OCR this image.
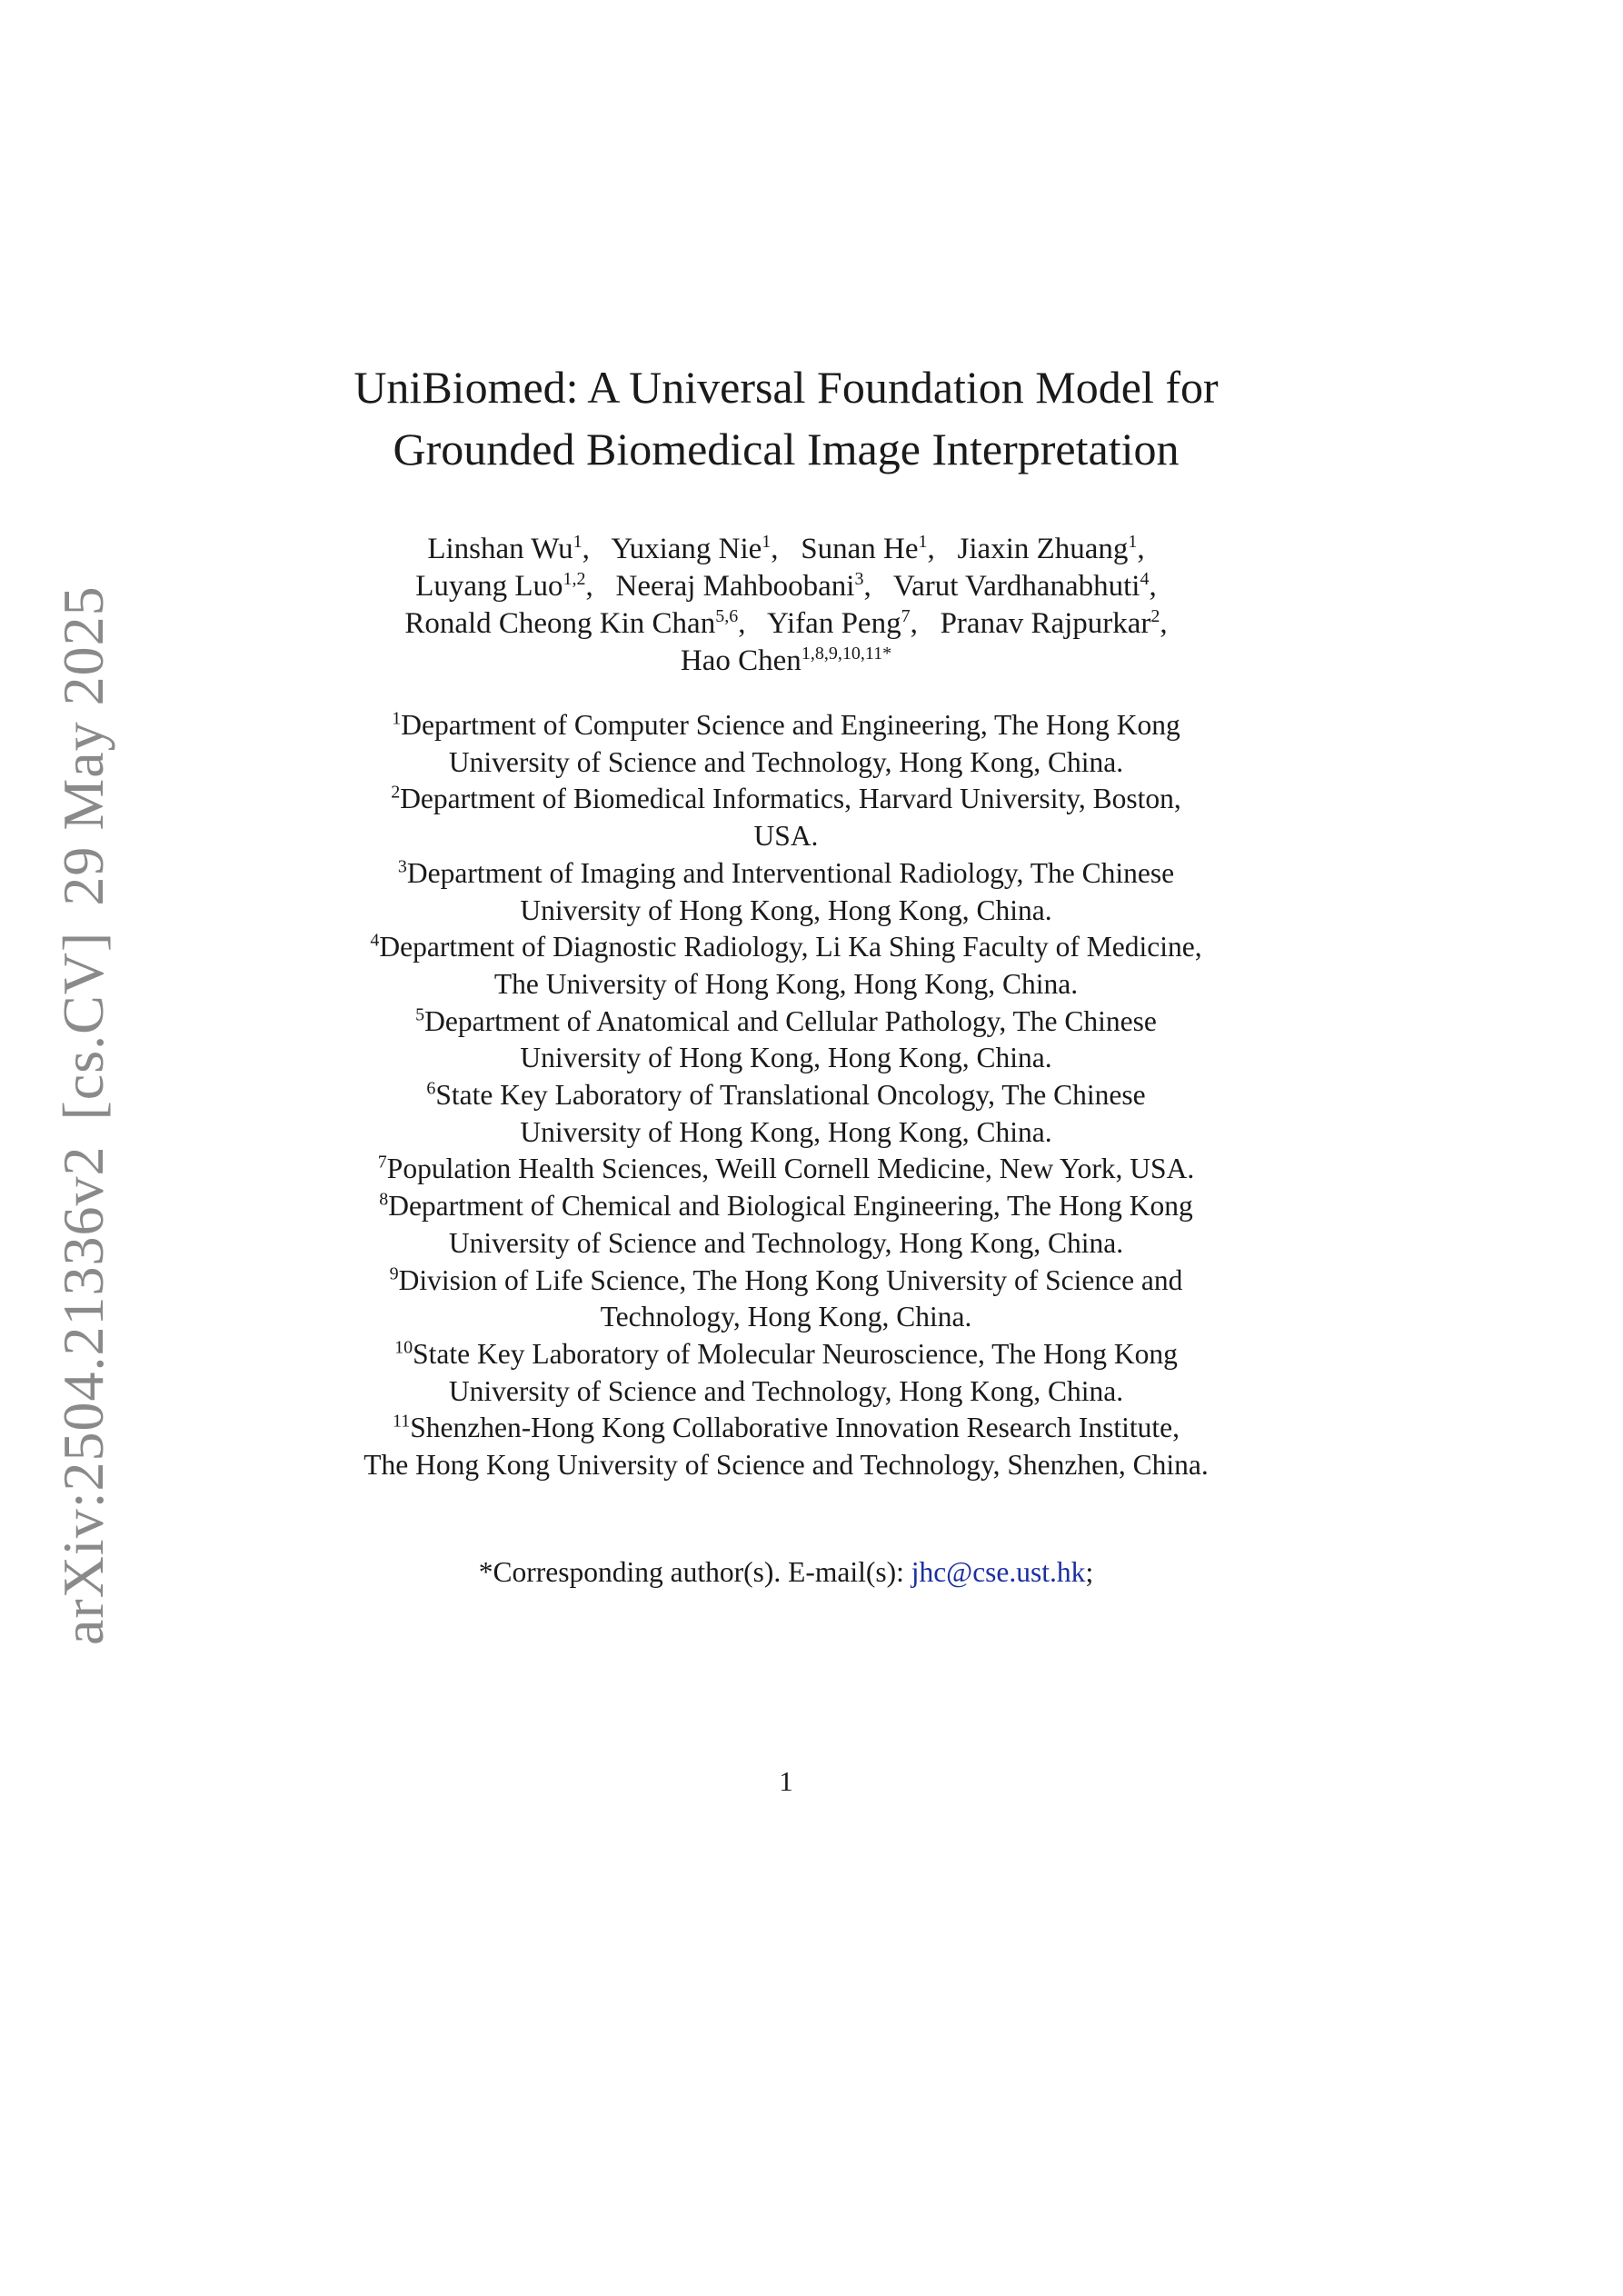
arXiv:2504.21336v2[cs.CV]29 May 2025
UniBiomed: A Universal Foundation Model for
Grounded Biomedical Image Interpretation
Linshan Wu$^1$,   Yuxiang Nie$^1$,   Sunan He$^1$,   Jiaxin Zhuang$^1$,
Luyang Luo$^{1,2}$,   Neeraj Mahboobani$^3$,   Varut Vardhanabhuti$^4$,
Ronald Cheong Kin Chan$^{5,6}$,   Yifan Peng$^7$,   Pranav Rajpurkar$^2$,
Hao Chen$^{1,8,9,10,11*}$
$^1$Department of Computer Science and Engineering, The Hong Kong
University of Science and Technology, Hong Kong, China.
$^2$Department of Biomedical Informatics, Harvard University, Boston,
USA.
$^3$Department of Imaging and Interventional Radiology, The Chinese
University of Hong Kong, Hong Kong, China.
$^4$Department of Diagnostic Radiology, Li Ka Shing Faculty of Medicine,
The University of Hong Kong, Hong Kong, China.
$^5$Department of Anatomical and Cellular Pathology, The Chinese
University of Hong Kong, Hong Kong, China.
$^6$State Key Laboratory of Translational Oncology, The Chinese
University of Hong Kong, Hong Kong, China.
$^7$Population Health Sciences, Weill Cornell Medicine, New York, USA.
$^8$Department of Chemical and Biological Engineering, The Hong Kong
University of Science and Technology, Hong Kong, China.
$^9$Division of Life Science, The Hong Kong University of Science and
Technology, Hong Kong, China.
$^{10}$State Key Laboratory of Molecular Neuroscience, The Hong Kong
University of Science and Technology, Hong Kong, China.
$^{11}$Shenzhen-Hong Kong Collaborative Innovation Research Institute,
The Hong Kong University of Science and Technology, Shenzhen, China.
*Corresponding author(s). E-mail(s): jhc@cse.ust.hk;
1
